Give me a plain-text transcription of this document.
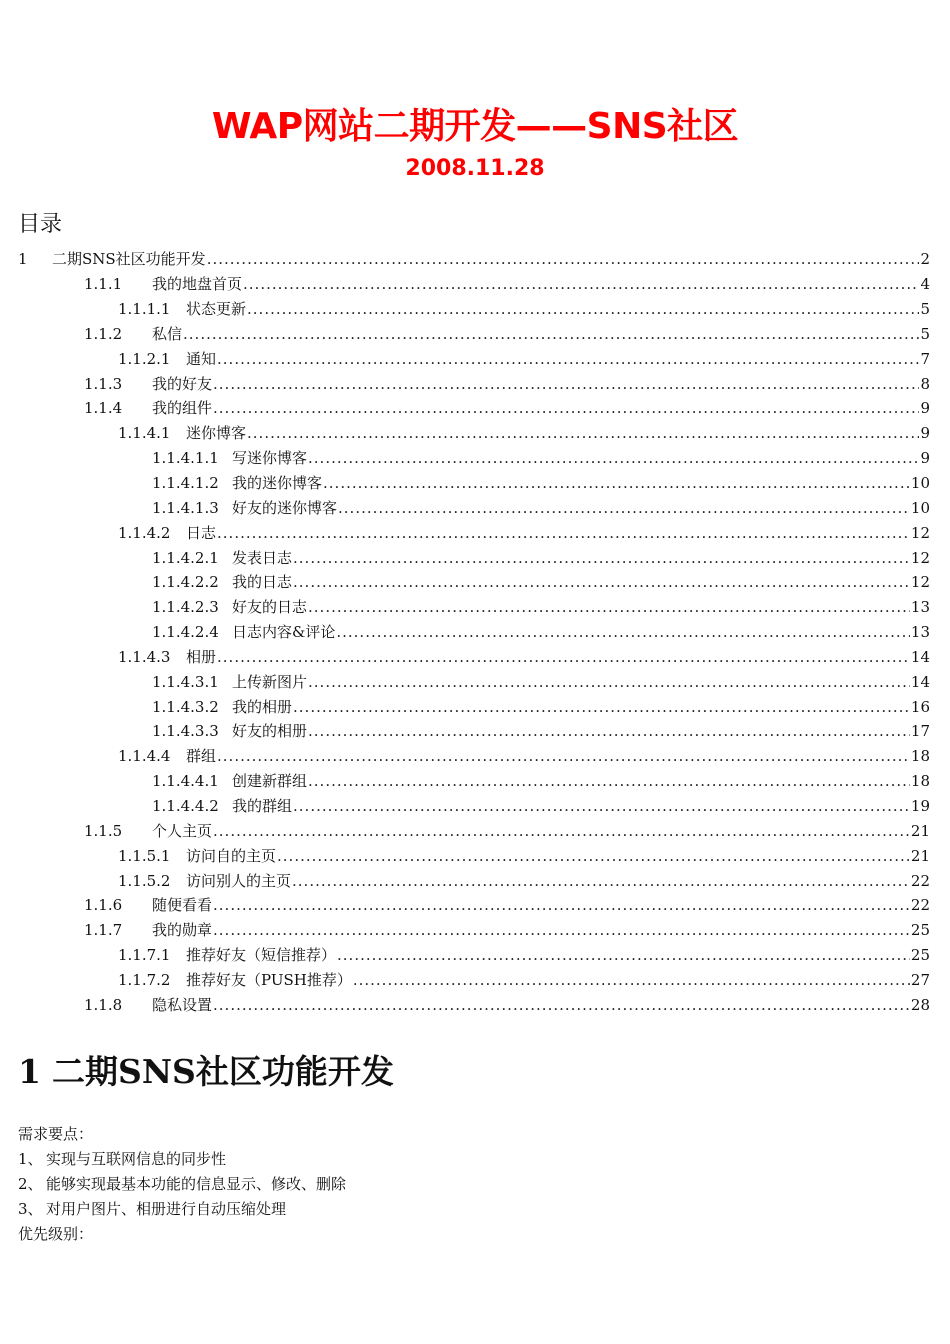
WAP网站二期开发——SNS社区
2008.11.28
目录
1	二期SNS社区功能开发 .....	2
1.1.1	我的地盘首页 .....	4
1.1.1.1	状态更新 .....	5
1.1.2	私信 .....	5
1.1.2.1	通知 .....	7
1.1.3	我的好友 .....	8
1.1.4	我的组件 .....	9
1.1.4.1	迷你博客 .....	9
1.1.4.1.1 写迷你博客 .....	9
1.1.4.1.2 我的迷你博客 .....	10
1.1.4.1.3 好友的迷你博客 .....	10
1.1.4.2	日志 .....	12
1.1.4.2.1 发表日志 .....	12
1.1.4.2.2 我的日志 .....	12
1.1.4.2.3 好友的日志 .....	13
1.1.4.2.4 日志内容&评论 .....	13
1.1.4.3	相册 .....	14
1.1.4.3.1 上传新图片 .....	14
1.1.4.3.2 我的相册 .....	16
1.1.4.3.3 好友的相册 .....	17
1.1.4.4	群组 .....	18
1.1.4.4.1 创建新群组 .....	18
1.1.4.4.2 我的群组 .....	19
1.1.5	个人主页 .....	21
1.1.5.1	访问自的主页 .....	21
1.1.5.2	访问别人的主页 .....	22
1.1.6	随便看看 .....	22
1.1.7	我的勋章 .....	25
1.1.7.1	推荐好友（短信推荐） .....	25
1.1.7.2	推荐好友（PUSH推荐） .....	27
1.1.8	隐私设置 .....	28
1 二期SNS社区功能开发
需求要点：
1、 实现与互联网信息的同步性
2、 能够实现最基本功能的信息显示、修改、删除
3、 对用户图片、相册进行自动压缩处理
优先级别：
